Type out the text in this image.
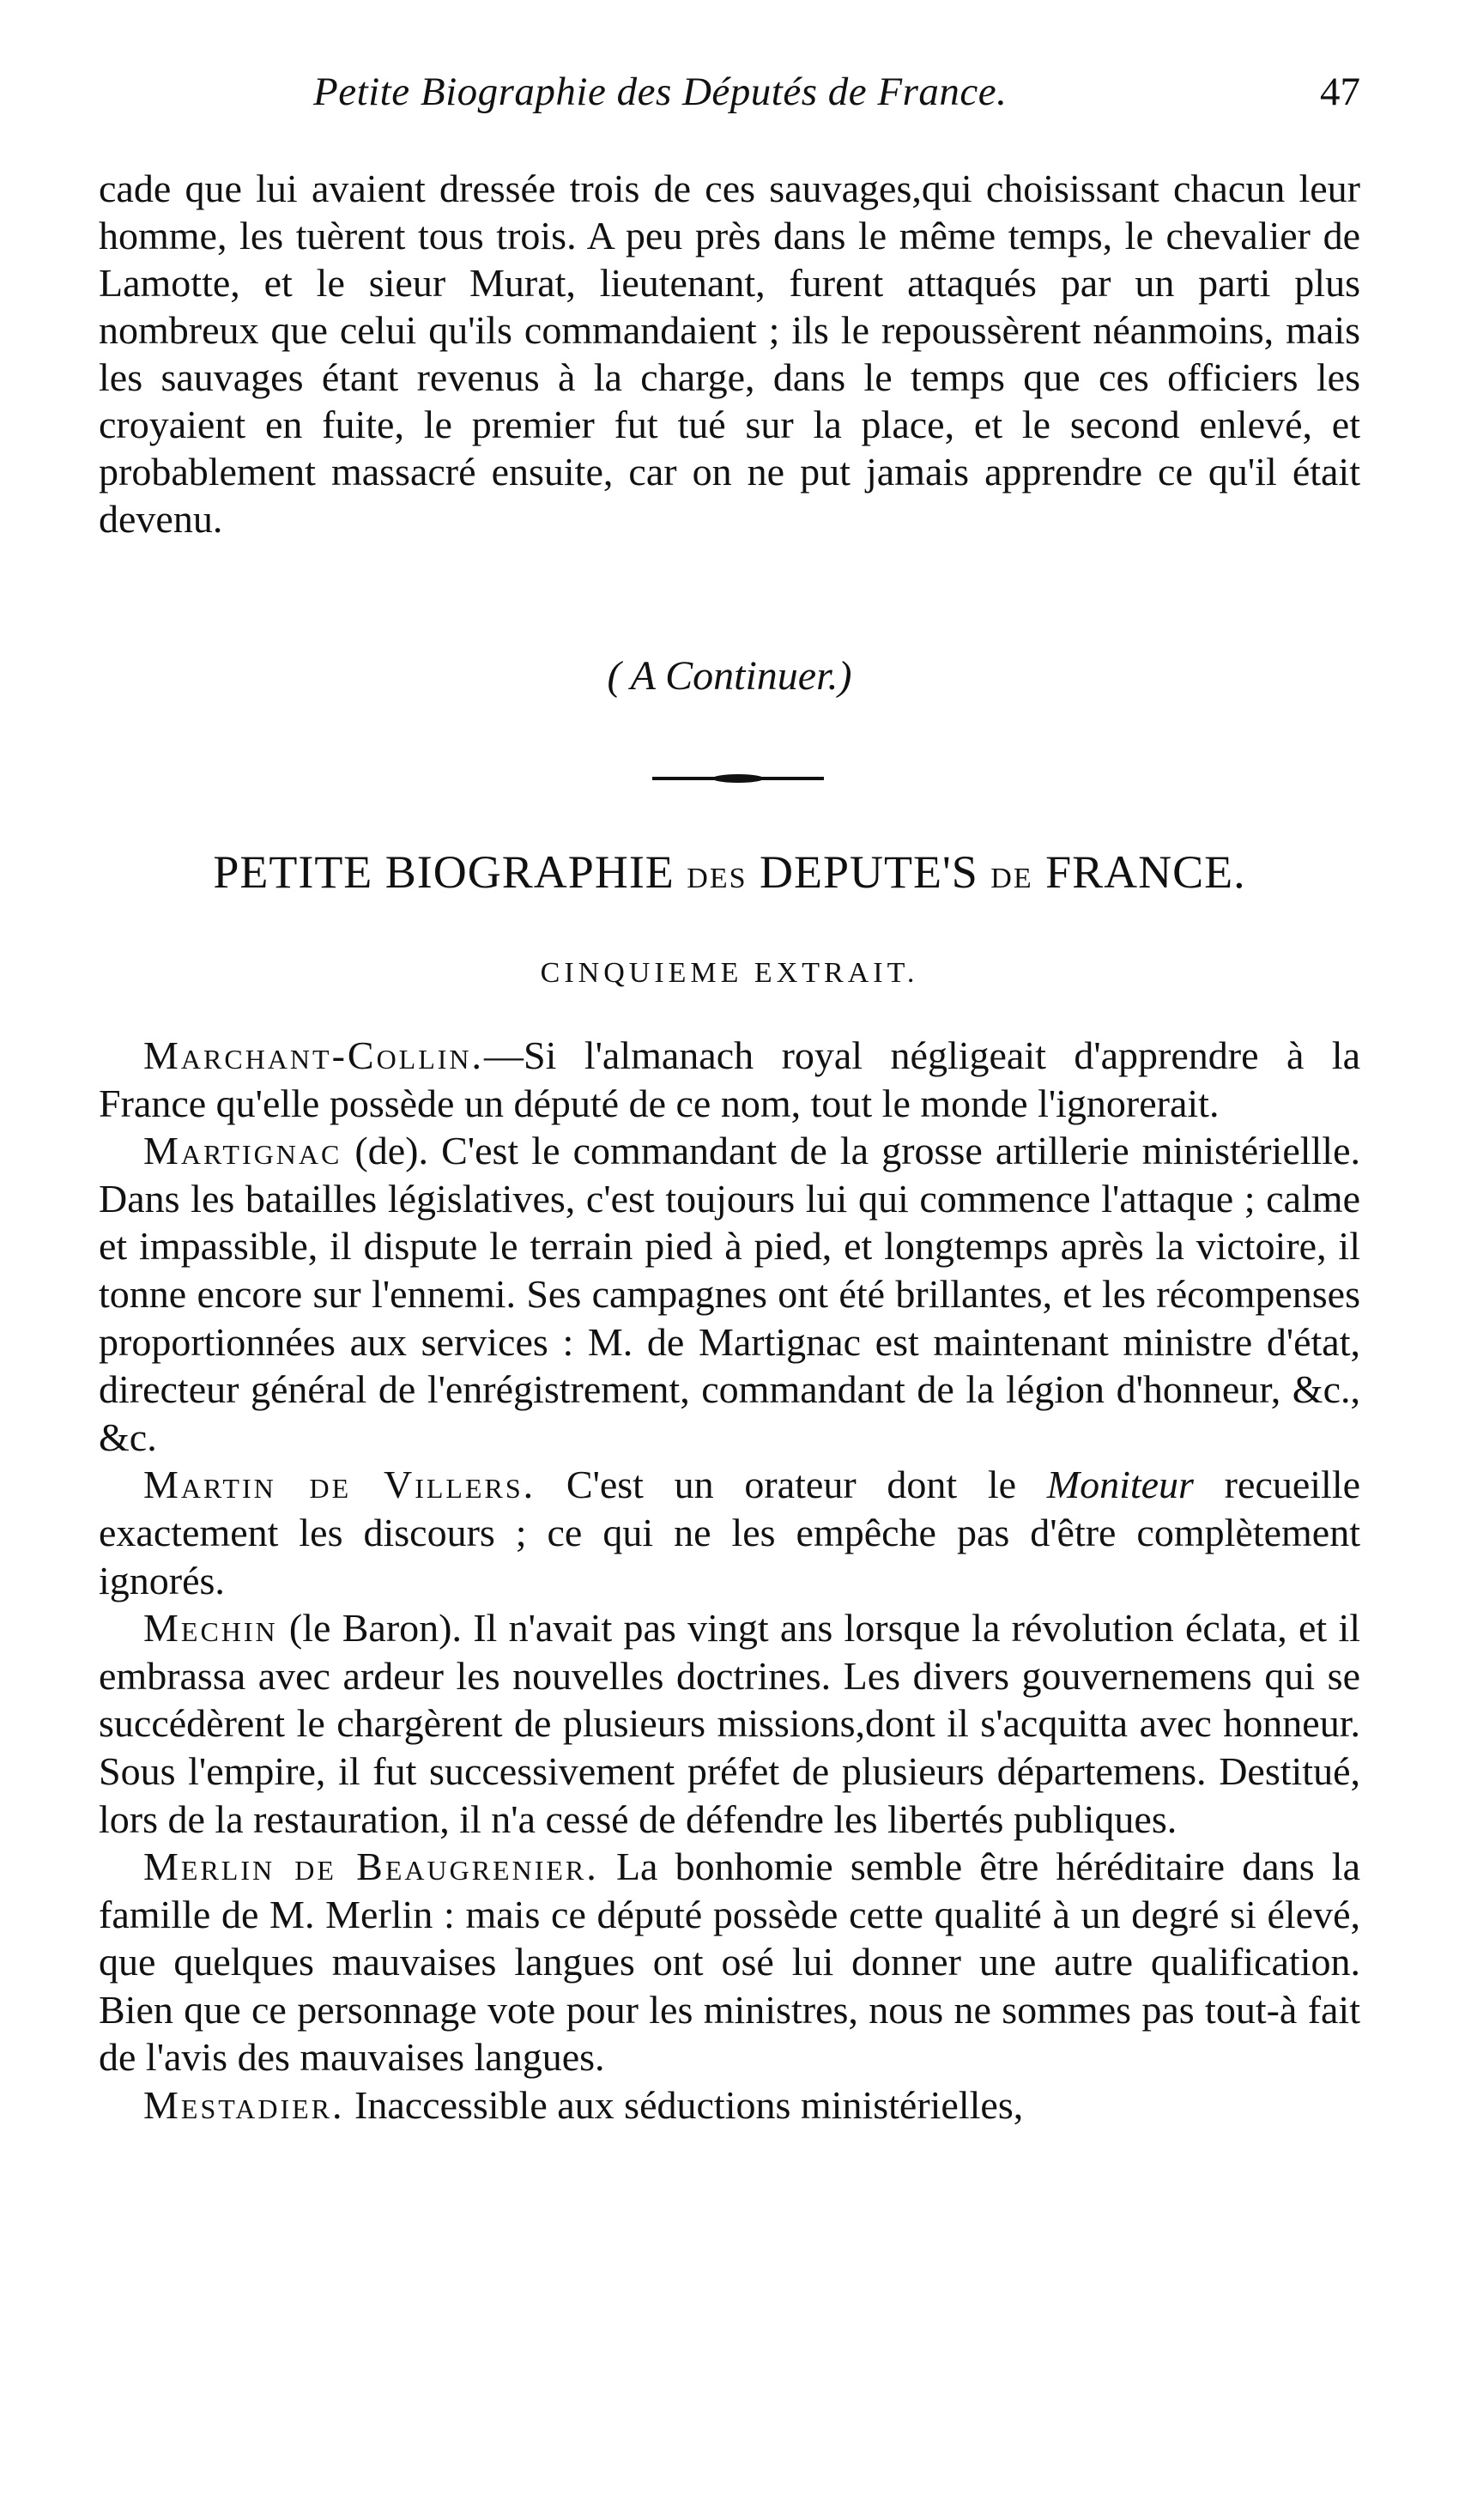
Petite Biographie des Députés de France.	47

cade que lui avaient dressée trois de ces sauvages,qui choisissant chacun leur homme, les tuèrent tous trois. A peu près dans le même temps, le chevalier de Lamotte, et le sieur Murat, lieutenant, furent attaqués par un parti plus nombreux que celui qu'ils commandaient ; ils le repoussèrent néanmoins, mais les sauvages étant revenus à la charge, dans le temps que ces officiers les croyaient en fuite, le premier fut tué sur la place, et le second enlevé, et probablement massacré ensuite, car on ne put jamais apprendre ce qu'il était devenu.

( A Continuer.)
PETITE BIOGRAPHIE DES DEPUTE'S DE FRANCE.
CINQUIEME EXTRAIT.

Marchant-Collin.—Si l'almanach royal négligeait d'apprendre à la France qu'elle possède un député de ce nom, tout le monde l'ignorerait.

Martignac (de). C'est le commandant de la grosse artillerie ministériellle. Dans les batailles législatives, c'est toujours lui qui commence l'attaque ; calme et impassible, il dispute le terrain pied à pied, et longtemps après la victoire, il tonne encore sur l'ennemi. Ses campagnes ont été brillantes, et les récompenses proportionnées aux services : M. de Martignac est maintenant ministre d'état, directeur général de l'enrégistrement, commandant de la légion d'honneur, &c., &c.

Martin de Villers. C'est un orateur dont le Moniteur recueille exactement les discours ; ce qui ne les empêche pas d'être complètement ignorés.

Mechin (le Baron). Il n'avait pas vingt ans lorsque la révolution éclata, et il embrassa avec ardeur les nouvelles doctrines. Les divers gouvernemens qui se succédèrent le chargèrent de plusieurs missions,dont il s'acquitta avec honneur. Sous l'empire, il fut successivement préfet de plusieurs départemens. Destitué, lors de la restauration, il n'a cessé de défendre les libertés publiques.

Merlin de Beaugrenier. La bonhomie semble être héréditaire dans la famille de M. Merlin : mais ce député possède cette qualité à un degré si élevé, que quelques mauvaises langues ont osé lui donner une autre qualification. Bien que ce personnage vote pour les ministres, nous ne sommes pas tout-à fait de l'avis des mauvaises langues.

Mestadier. Inaccessible aux séductions ministérielles,
